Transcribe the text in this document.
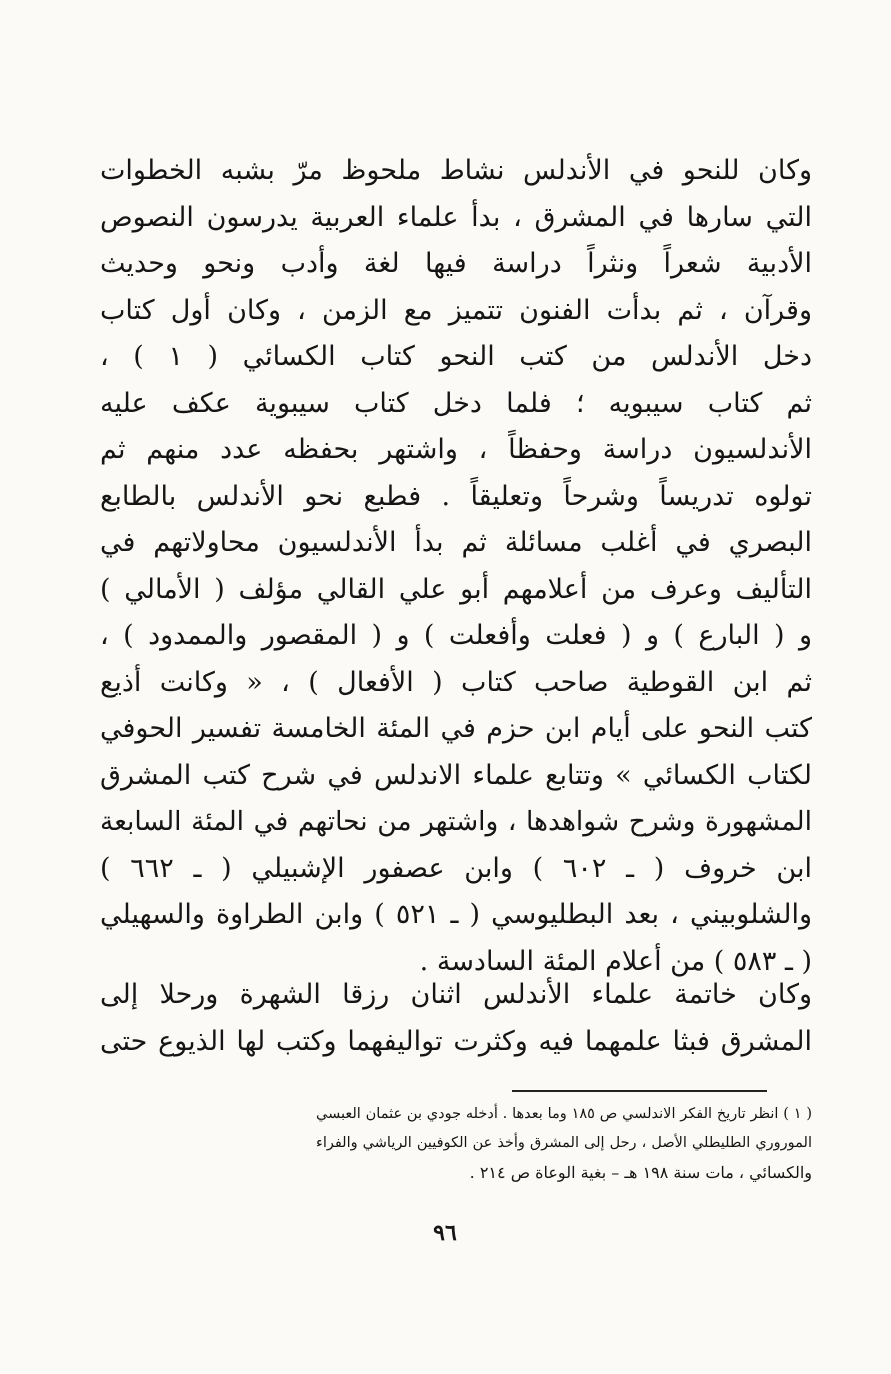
وكان للنحو في الأندلس نشاط ملحوظ مرّ بشبه الخطوات
التي سارها في المشرق ، بدأ علماء العربية يدرسون النصوص
الأدبية شعراً ونثراً دراسة فيها لغة وأدب ونحو وحديث
وقرآن ، ثم بدأت الفنون تتميز مع الزمن ، وكان أول كتاب
دخل الأندلس من كتب النحو كتاب الكسائي ( ١ ) ،
ثم كتاب سيبويه ؛ فلما دخل كتاب سيبوية عكف عليه
الأندلسيون دراسة وحفظاً ، واشتهر بحفظه عدد منهم ثم
تولوه تدريساً وشرحاً وتعليقاً . فطبع نحو الأندلس بالطابع
البصري في أغلب مسائلة ثم بدأ الأندلسيون محاولاتهم في
التأليف وعرف من أعلامهم أبو علي القالي مؤلف ( الأمالي )
و ( البارع ) و ( فعلت وأفعلت ) و ( المقصور والممدود ) ،
ثم ابن القوطية صاحب كتاب ( الأفعال ) ، « وكانت أذيع
كتب النحو على أيام ابن حزم في المئة الخامسة تفسير الحوفي
لكتاب الكسائي » وتتابع علماء الاندلس في شرح كتب المشرق
المشهورة وشرح شواهدها ، واشتهر من نحاتهم في المئة السابعة
ابن خروف ( ـ ٦٠٢ ) وابن عصفور الإشبيلي ( ـ ٦٦٢ )
والشلوبيني ، بعد البطليوسي ( ـ ٥٢١ ) وابن الطراوة والسهيلي
( ـ ٥٨٣ ) من أعلام المئة السادسة .
وكان خاتمة علماء الأندلس اثنان رزقا الشهرة ورحلا إلى
المشرق فبثا علمهما فيه وكثرت تواليفهما وكتب لها الذيوع حتى
( ١ ) انظر تاريخ الفكر الاندلسي ص ١٨٥ وما بعدها . أدخله جودي بن عثمان العبسي
الموروري الطليطلي الأصل ، رحل إلى المشرق وأخذ عن الكوفيين الرياشي والفراء
والكسائي ، مات سنة ١٩٨ هـ – بغية الوعاة ص ٢١٤ .
٩٦
